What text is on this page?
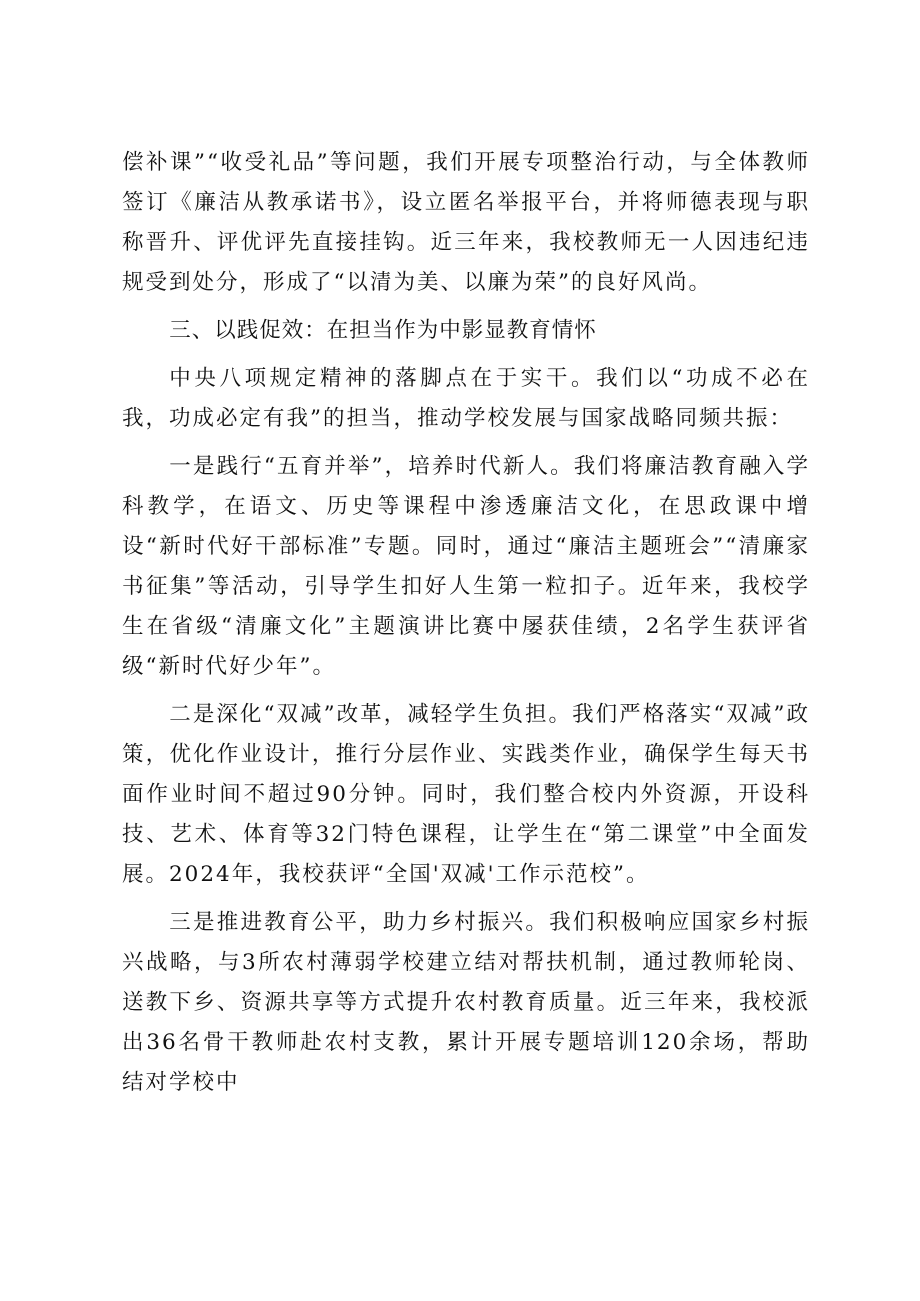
偿补课”“收受礼品”等问题，我们开展专项整治行动，与全体教师签订《廉洁从教承诺书》，设立匿名举报平台，并将师德表现与职称晋升、评优评先直接挂钩。近三年来，我校教师无一人因违纪违规受到处分，形成了“以清为美、以廉为荣”的良好风尚。

三、以践促效：在担当作为中影显教育情怀

中央八项规定精神的落脚点在于实干。我们以“功成不必在我，功成必定有我”的担当，推动学校发展与国家战略同频共振：

一是践行“五育并举”，培养时代新人。我们将廉洁教育融入学科教学，在语文、历史等课程中渗透廉洁文化，在思政课中增设“新时代好干部标准”专题。同时，通过“廉洁主题班会”“清廉家书征集”等活动，引导学生扣好人生第一粒扣子。近年来，我校学生在省级“清廉文化”主题演讲比赛中屡获佳绩，2名学生获评省级“新时代好少年”。

二是深化“双减”改革，减轻学生负担。我们严格落实“双减”政策，优化作业设计，推行分层作业、实践类作业，确保学生每天书面作业时间不超过90分钟。同时，我们整合校内外资源，开设科技、艺术、体育等32门特色课程，让学生在“第二课堂”中全面发展。2024年，我校获评“全国'双减'工作示范校”。

三是推进教育公平，助力乡村振兴。我们积极响应国家乡村振兴战略，与3所农村薄弱学校建立结对帮扶机制，通过教师轮岗、送教下乡、资源共享等方式提升农村教育质量。近三年来，我校派出36名骨干教师赴农村支教，累计开展专题培训120余场，帮助结对学校中
